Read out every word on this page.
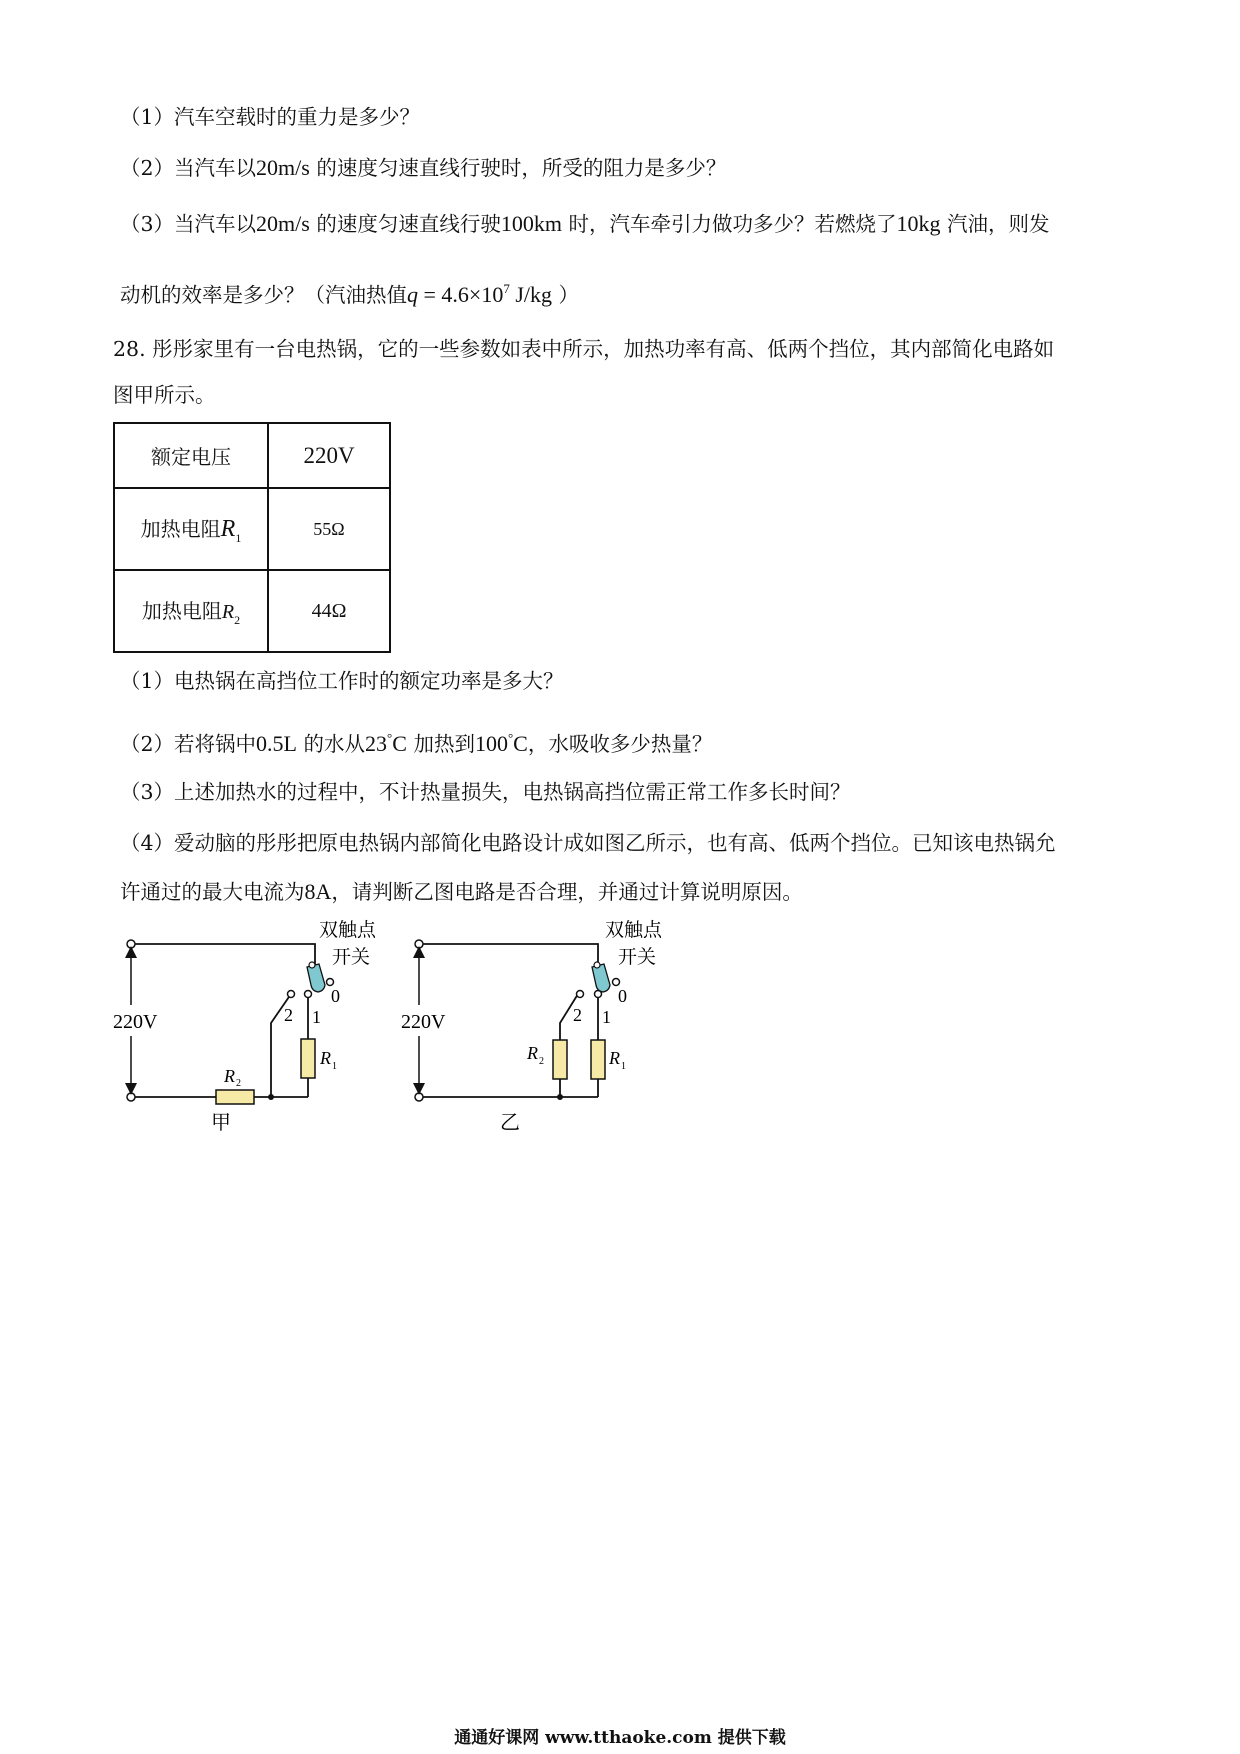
（1）汽车空载时的重力是多少？
（2）当汽车以20m/s 的速度匀速直线行驶时，所受的阻力是多少？
（3）当汽车以20m/s 的速度匀速直线行驶100km 时，汽车牵引力做功多少？若燃烧了10kg 汽油，则发
动机的效率是多少？（汽油热值$q = 4.6\times 10^7$ J/kg ）
28. 彤彤家里有一台电热锅，它的一些参数如表中所示，加热功率有高、低两个挡位，其内部简化电路如
图甲所示。
额定电压	220V
加热电阻$R_1$	55Ω
加热电阻$R_2$	44Ω
（1）电热锅在高挡位工作时的额定功率是多大？
（2）若将锅中0.5L 的水从23°C 加热到100°C，水吸收多少热量？
（3）上述加热水的过程中，不计热量损失，电热锅高挡位需正常工作多长时间？
（4）爱动脑的彤彤把原电热锅内部简化电路设计成如图乙所示，也有高、低两个挡位。已知该电热锅允
许通过的最大电流为8A，请判断乙图电路是否合理，并通过计算说明原因。
220V
R 2
R 1
2 1
0
双触点
开关
甲
220V
R 2	R 1
2 1
0
双触点
开关
乙
通通好课网 www.tthaoke.com 提供下载
